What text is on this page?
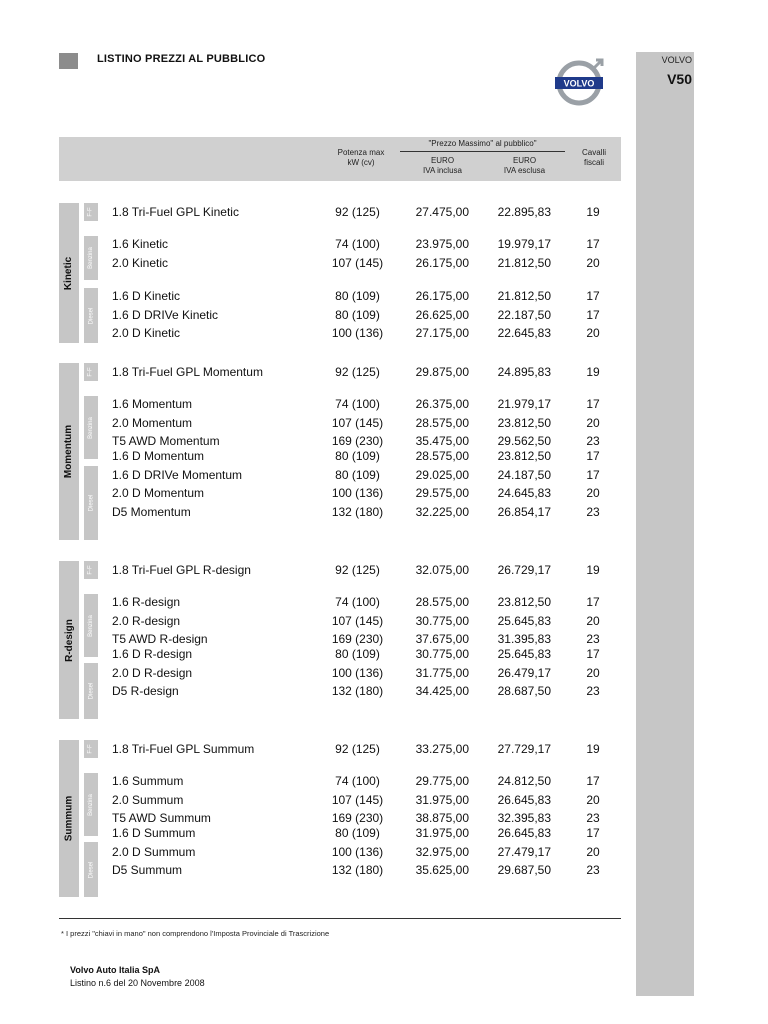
LISTINO PREZZI AL PUBBLICO
VOLVO
VOLVO
V50
Potenza max
kW (cv)
"Prezzo Massimo" al pubblico"
EURO
IVA inclusa
EURO
IVA esclusa
Cavalli
fiscali
Kinetic
F-F 1.8 Tri-Fuel GPL Kinetic	92 (125)	27.475,00	22.895,83	19
Benzina
1.6 Kinetic	74 (100)	23.975,00	19.979,17	17
2.0 Kinetic	107 (145)	26.175,00	21.812,50	20
Diesel
1.6 D Kinetic	80 (109)	26.175,00	21.812,50	17
1.6 D DRIVe Kinetic	80 (109)	26.625,00	22.187,50	17
2.0 D Kinetic	100 (136)	27.175,00	22.645,83	20
Momentum
F-F 1.8 Tri-Fuel GPL Momentum	92 (125)	29.875,00	24.895,83	19
Benzina
1.6 Momentum	74 (100)	26.375,00	21.979,17	17
2.0 Momentum	107 (145)	28.575,00	23.812,50	20
T5 AWD Momentum	169 (230)	35.475,00	29.562,50	23
Diesel
1.6 D Momentum	80 (109)	28.575,00	23.812,50	17
1.6 D DRIVe Momentum	80 (109)	29.025,00	24.187,50	17
2.0 D Momentum	100 (136)	29.575,00	24.645,83	20
D5 Momentum	132 (180)	32.225,00	26.854,17	23
R-design
F-F 1.8 Tri-Fuel GPL R-design	92 (125)	32.075,00	26.729,17	19
Benzina
1.6 R-design	74 (100)	28.575,00	23.812,50	17
2.0 R-design	107 (145)	30.775,00	25.645,83	20
T5 AWD R-design	169 (230)	37.675,00	31.395,83	23
Diesel
1.6 D R-design	80 (109)	30.775,00	25.645,83	17
2.0 D R-design	100 (136)	31.775,00	26.479,17	20
D5 R-design	132 (180)	34.425,00	28.687,50	23
Summum
F-F 1.8 Tri-Fuel GPL Summum	92 (125)	33.275,00	27.729,17	19
Benzina
1.6 Summum	74 (100)	29.775,00	24.812,50	17
2.0 Summum	107 (145)	31.975,00	26.645,83	20
T5 AWD Summum	169 (230)	38.875,00	32.395,83	23
Diesel
1.6 D Summum	80 (109)	31.975,00	26.645,83	17
2.0 D Summum	100 (136)	32.975,00	27.479,17	20
D5 Summum	132 (180)	35.625,00	29.687,50	23
* I prezzi "chiavi in mano" non comprendono l'Imposta Provinciale di Trascrizione
Volvo Auto Italia SpA
Listino n.6 del 20 Novembre 2008
